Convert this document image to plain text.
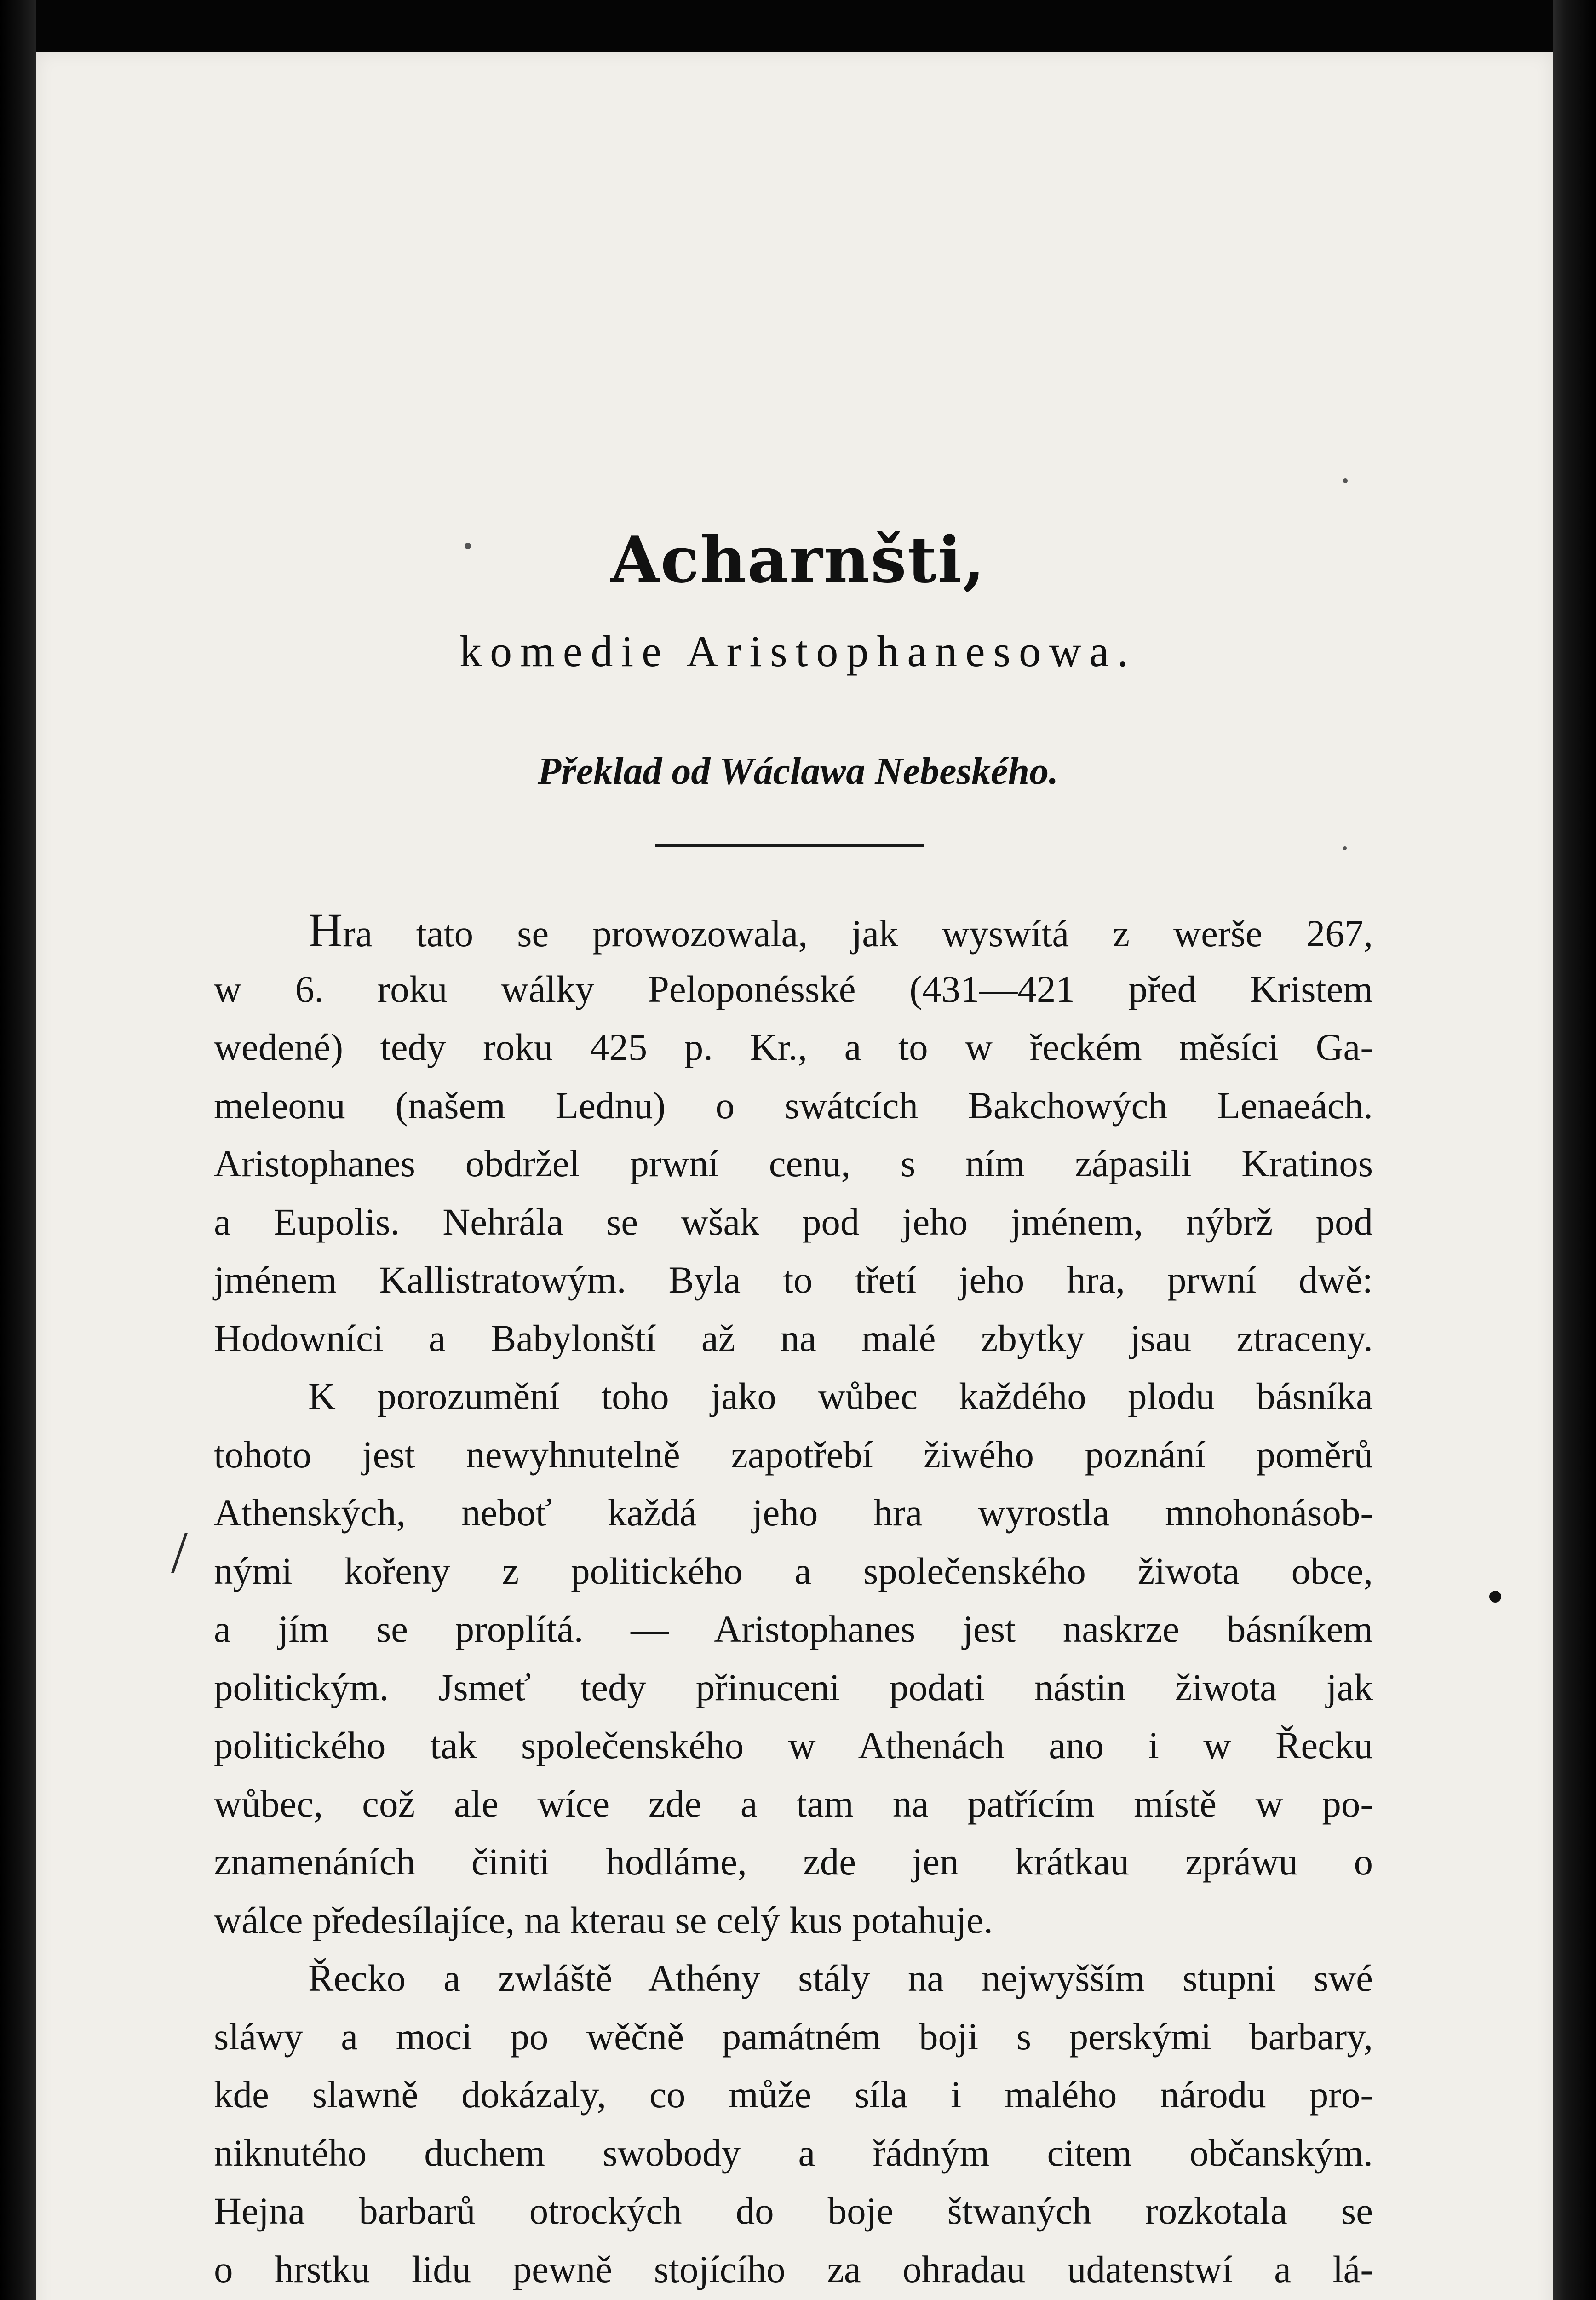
Acharnšti,
komedie Aristophanesowa.
Překlad od Wáclawa Nebeského.
Hra tato se prowozowala, jak wyswítá z werše 267,
w 6. roku wálky Peloponésské (431—421 před Kristem
wedené) tedy roku 425 p. Kr., a to w řeckém měsíci Ga-
meleonu (našem Lednu) o swátcích Bakchowých Lenaeách.
Aristophanes obdržel prwní cenu, s ním zápasili Kratinos
a Eupolis. Nehrála se wšak pod jeho jménem, nýbrž pod
jménem Kallistratowým. Byla to třetí jeho hra, prwní dwě:
Hodowníci a Babylonští až na malé zbytky jsau ztraceny.
K porozumění toho jako wůbec každého plodu básníka
tohoto jest newyhnutelně zapotřebí žiwého poznání poměrů
Athenských, neboť každá jeho hra wyrostla mnohonásob-
nými kořeny z politického a společenského žiwota obce,
a jím se proplítá. — Aristophanes jest naskrze básníkem
politickým. Jsmeť tedy přinuceni podati nástin žiwota jak
politického tak společenského w Athenách ano i w Řecku
wůbec, což ale wíce zde a tam na patřícím místě w po-
znamenáních činiti hodláme, zde jen krátkau zpráwu o
wálce předesílajíce, na kterau se celý kus potahuje.
Řecko a zwláště Athény stály na nejwyšším stupni swé
sláwy a moci po wěčně památném boji s perskými barbary,
kde slawně dokázaly, co může síla i malého národu pro-
niknutého duchem swobody a řádným citem občanským.
Hejna barbarů otrockých do boje štwaných rozkotala se
o hrstku lidu pewně stojícího za ohradau udatenstwí a lá-
/
